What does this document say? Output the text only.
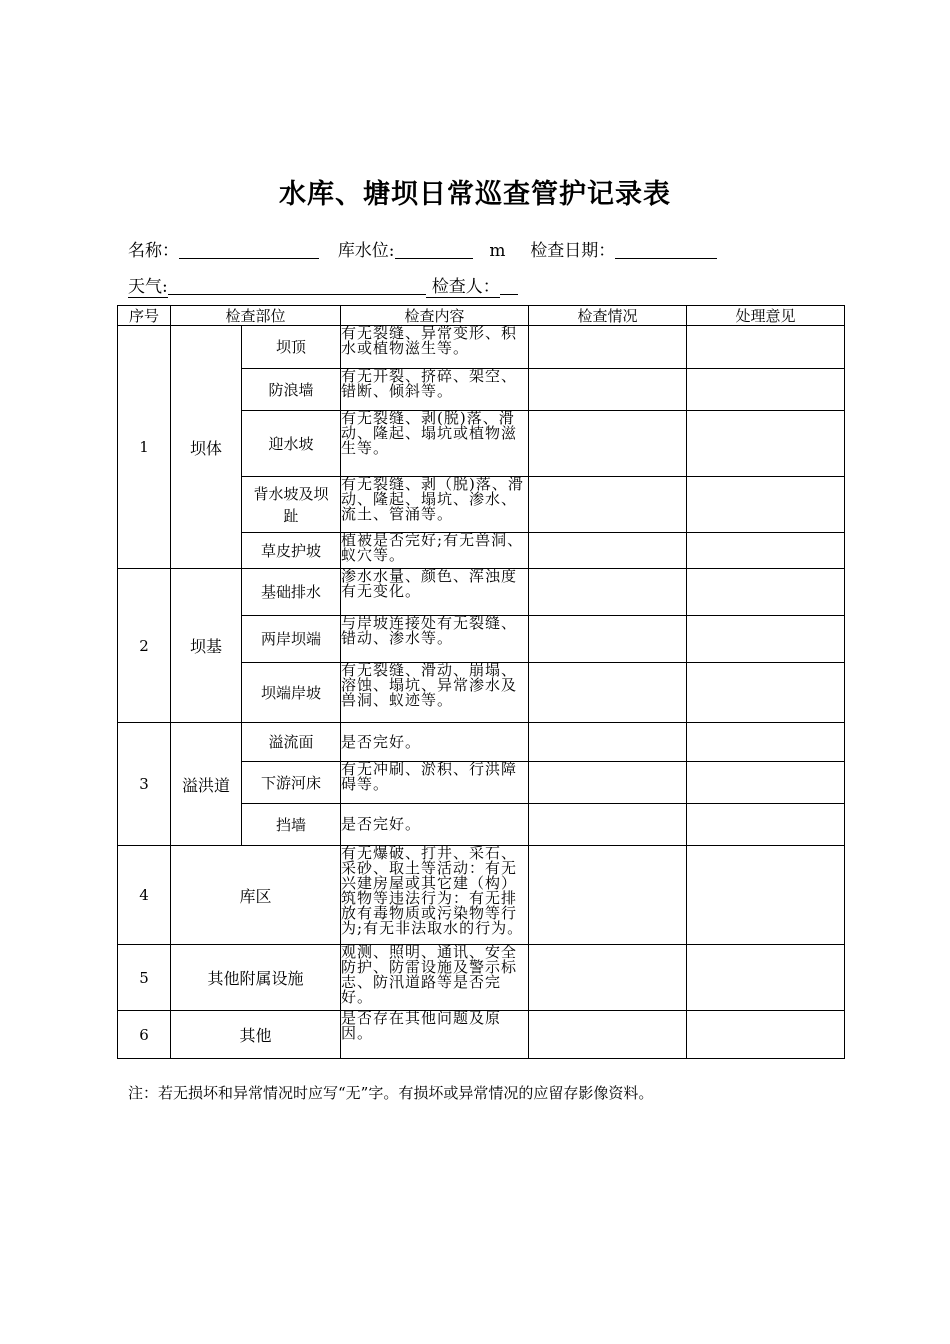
水库、塘坝日常巡查管护记录表
名称：	库水位:	m 检查日期：
天气:	检查人：
序号	检查部位		检查内容	检查情况	处理意见
1	坝体	坝顶	有无裂缝、异常变形、积水或植物滋生等。		
		防浪墙	有无开裂、挤碎、架空、错断、倾斜等。		
		迎水坡	有无裂缝、剥(脱)落、滑动、隆起、塌坑或植物滋生等。		
		背水坡及坝趾	有无裂缝、剥（脱)落、滑动、隆起、塌坑、渗水、流土、管涌等。		
		草皮护坡	植被是否完好;有无兽洞、蚁穴等。		
2	坝基	基础排水	渗水水量、颜色、浑浊度有无变化。		
		两岸坝端	与岸坡连接处有无裂缝、错动、渗水等。		
		坝端岸坡	有无裂缝、滑动、崩塌、溶蚀、塌坑、异常渗水及兽洞、蚁迹等。		
3	溢洪道	溢流面	是否完好。		
		下游河床	有无冲刷、淤积、行洪障碍等。		
		挡墙	是否完好。		
4	库区		有无爆破、打井、采石、采砂、取土等活动：有无兴建房屋或其它建（构）筑物等违法行为：有无排放有毒物质或污染物等行为;有无非法取水的行为。		
5	其他附属设施		观测、照明、通讯、安全防护、防雷设施及警示标志、防汛道路等是否完好。		
6	其他		是否存在其他问题及原因。		
注：若无损坏和异常情况时应写“无”字。有损坏或异常情况的应留存影像资料。
